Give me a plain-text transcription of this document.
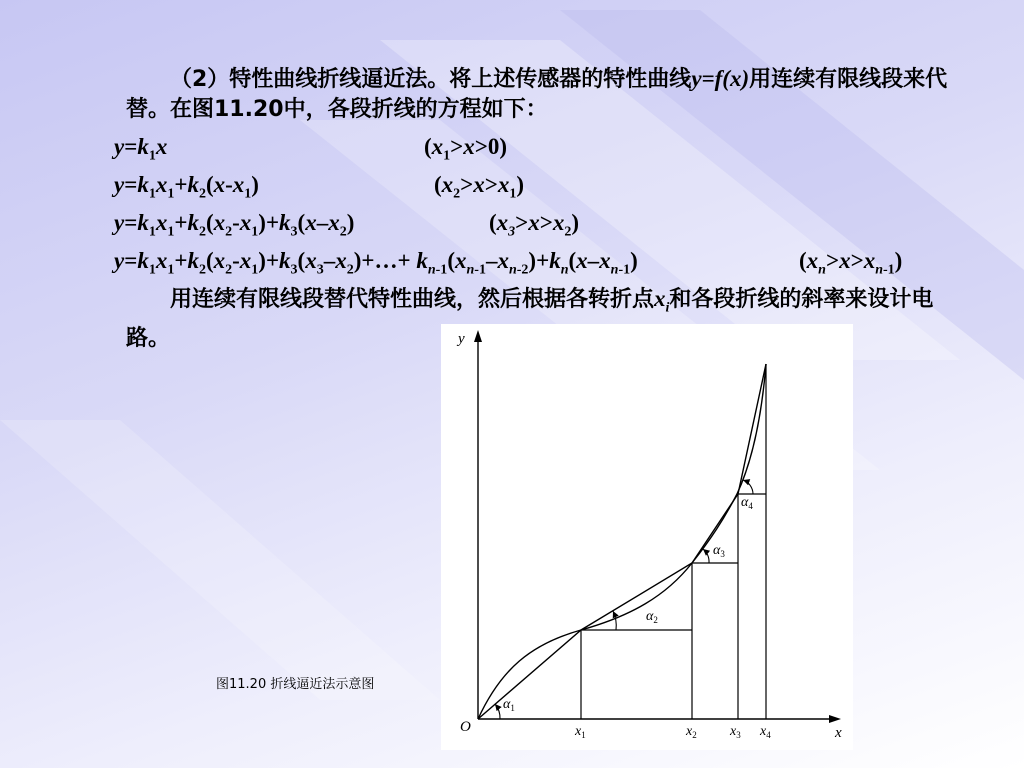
（2）特性曲线折线逼近法。将上述传感器的特性曲线y=f(x)用连续有限线段来代替。在图11.20中，各段折线的方程如下：
$y=k_1x$	$(x_1>x>0)$
$y=k_1x_1+k_2(x-x_1)$	$(x_2>x>x_1)$
$y=k_1x_1+k_2(x_2-x_1)+k_3(x-x_2)$	$(x_3>x>x_2)$
$y=k_1x_1+k_2(x_2-x_1)+k_3(x_3-x_2)+\dots+ k_{n-1}(x_{n-1}-x_{n-2})+k_n(x-x_{n-1})$	$(x_n>x>x_{n-1})$
用连续有限线段替代特性曲线，然后根据各转折点$x_i$和各段折线的斜率来设计电路。
图11.20 折线逼近法示意图
y
x
O	$x_1$	$x_2$ $x_3$ $x_4$
$\alpha_1$
$\alpha_2$
$\alpha_3$
$\alpha_4$
